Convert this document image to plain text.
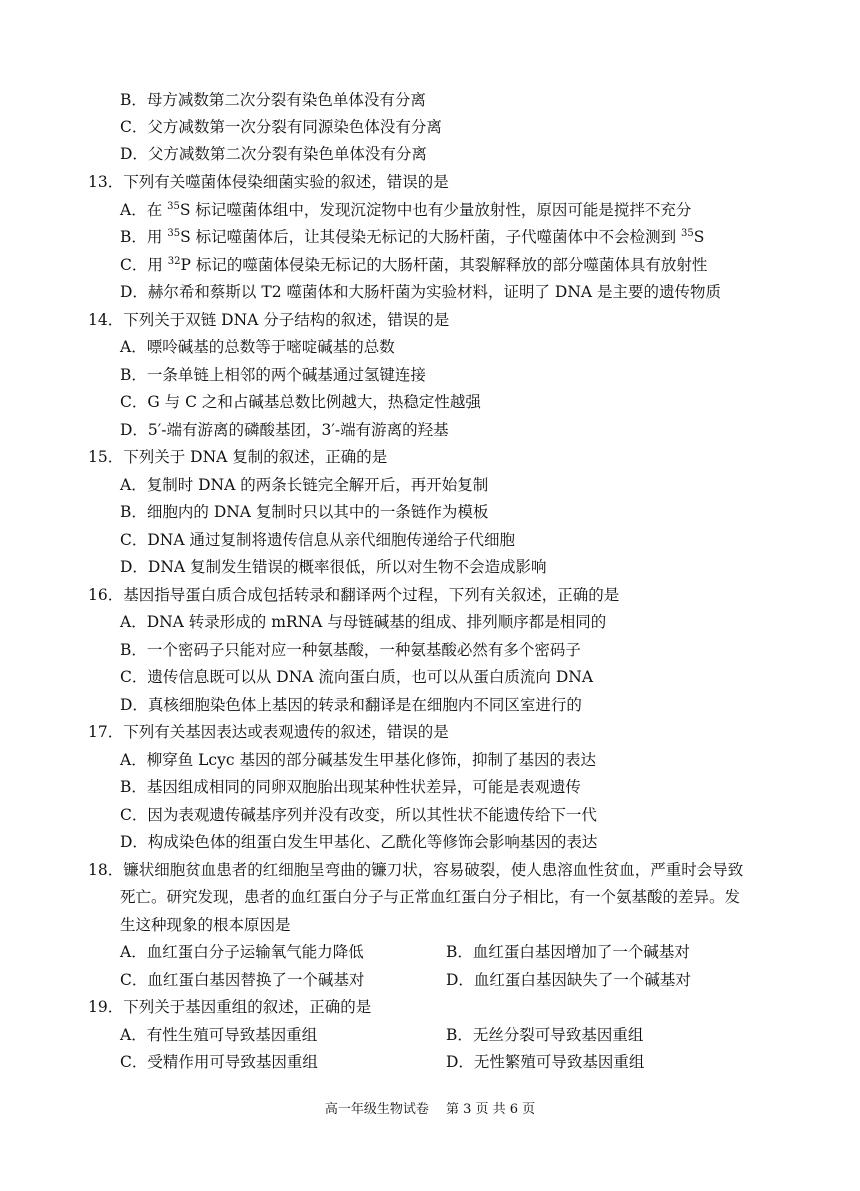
B．母方减数第二次分裂有染色单体没有分离
C．父方减数第一次分裂有同源染色体没有分离
D．父方减数第二次分裂有染色单体没有分离
13．下列有关噬菌体侵染细菌实验的叙述，错误的是
A．在 $^{35}$S 标记噬菌体组中，发现沉淀物中也有少量放射性，原因可能是搅拌不充分
B．用 $^{35}$S 标记噬菌体后，让其侵染无标记的大肠杆菌，子代噬菌体中不会检测到 $^{35}$S
C．用 $^{32}$P 标记的噬菌体侵染无标记的大肠杆菌，其裂解释放的部分噬菌体具有放射性
D．赫尔希和蔡斯以 T2 噬菌体和大肠杆菌为实验材料，证明了 DNA 是主要的遗传物质
14．下列关于双链 DNA 分子结构的叙述，错误的是
A．嘌呤碱基的总数等于嘧啶碱基的总数
B．一条单链上相邻的两个碱基通过氢键连接
C．G 与 C 之和占碱基总数比例越大，热稳定性越强
D．5′-端有游离的磷酸基团，3′-端有游离的羟基
15．下列关于 DNA 复制的叙述，正确的是
A．复制时 DNA 的两条长链完全解开后，再开始复制
B．细胞内的 DNA 复制时只以其中的一条链作为模板
C．DNA 通过复制将遗传信息从亲代细胞传递给子代细胞
D．DNA 复制发生错误的概率很低，所以对生物不会造成影响
16．基因指导蛋白质合成包括转录和翻译两个过程，下列有关叙述，正确的是
A．DNA 转录形成的 mRNA 与母链碱基的组成、排列顺序都是相同的
B．一个密码子只能对应一种氨基酸，一种氨基酸必然有多个密码子
C．遗传信息既可以从 DNA 流向蛋白质，也可以从蛋白质流向 DNA
D．真核细胞染色体上基因的转录和翻译是在细胞内不同区室进行的
17．下列有关基因表达或表观遗传的叙述，错误的是
A．柳穿鱼 Lcyc 基因的部分碱基发生甲基化修饰，抑制了基因的表达
B．基因组成相同的同卵双胞胎出现某种性状差异，可能是表观遗传
C．因为表观遗传碱基序列并没有改变，所以其性状不能遗传给下一代
D．构成染色体的组蛋白发生甲基化、乙酰化等修饰会影响基因的表达
18．镰状细胞贫血患者的红细胞呈弯曲的镰刀状，容易破裂，使人患溶血性贫血，严重时会导致
死亡。研究发现，患者的血红蛋白分子与正常血红蛋白分子相比，有一个氨基酸的差异。发
生这种现象的根本原因是
A．血红蛋白分子运输氧气能力降低	B．血红蛋白基因增加了一个碱基对
C．血红蛋白基因替换了一个碱基对	D．血红蛋白基因缺失了一个碱基对
19．下列关于基因重组的叙述，正确的是
A．有性生殖可导致基因重组	B．无丝分裂可导致基因重组
C．受精作用可导致基因重组	D．无性繁殖可导致基因重组
高一年级生物试卷　 第 3 页 共 6 页
